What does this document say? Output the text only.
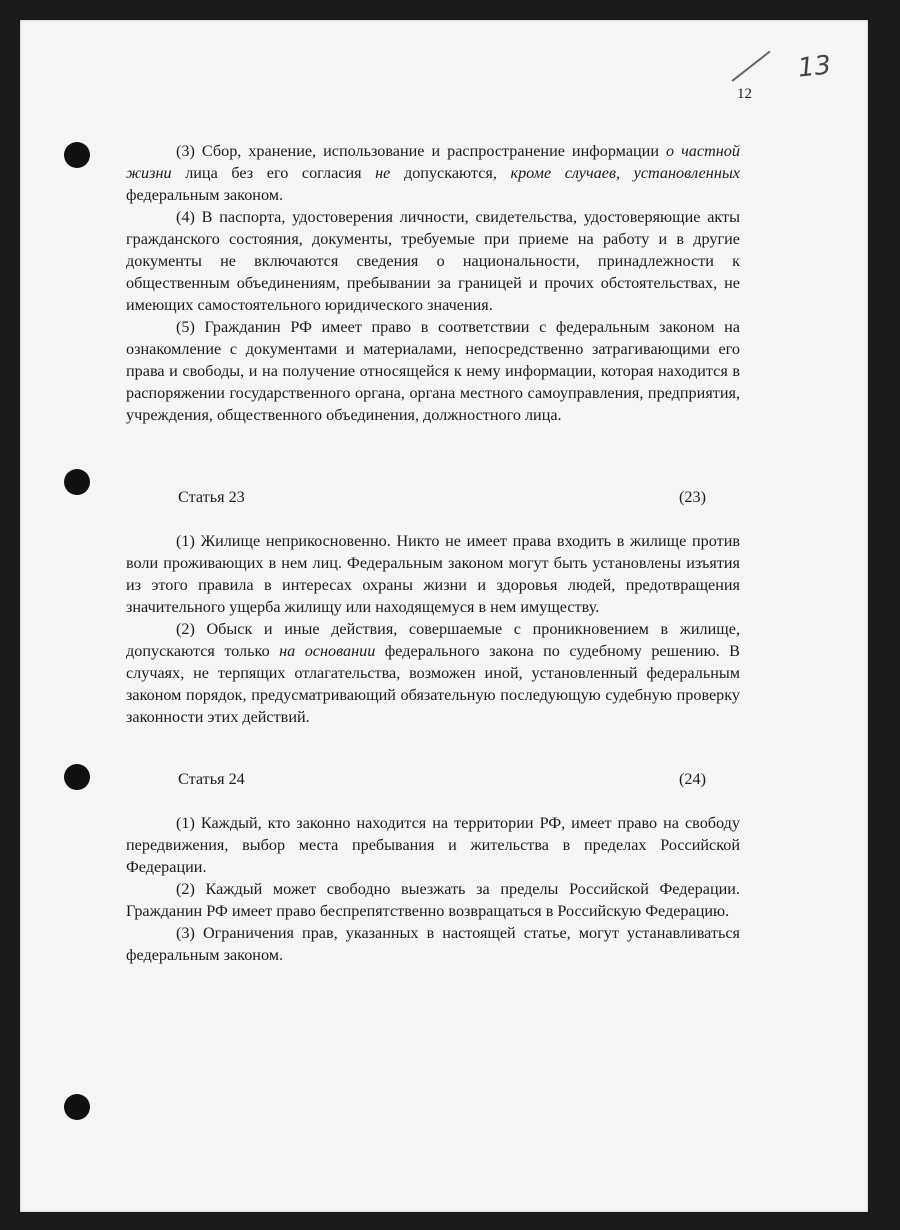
12
13

(3) Сбор, хранение, использование и распространение информации о частной жизни лица без его согласия не допускаются, кроме случаев, установленных федеральным законом.

(4) В паспорта, удостоверения личности, свидетельства, удостоверяющие акты гражданского состояния, документы, требуемые при приеме на работу и в другие документы не включаются сведения о национальности, принадлежности к общественным объединениям, пребывании за границей и прочих обстоятельствах, не имеющих самостоятельного юридического значения.

(5) Гражданин РФ имеет право в соответствии с федеральным законом на ознакомление с документами и материалами, непосредственно затрагивающими его права и свободы, и на получение относящейся к нему информации, которая находится в распоряжении государственного органа, органа местного самоуправления, предприятия, учреждения, общественного объединения, должностного лица.

Статья 23	(23)

(1) Жилище неприкосновенно. Никто не имеет права входить в жилище против воли проживающих в нем лиц. Федеральным законом могут быть установлены изъятия из этого правила в интересах охраны жизни и здоровья людей, предотвращения значительного ущерба жилищу или находящемуся в нем имуществу.

(2) Обыск и иные действия, совершаемые с проникновением в жилище, допускаются только на основании федерального закона по судебному решению. В случаях, не терпящих отлагательства, возможен иной, установленный федеральным законом порядок, предусматривающий обязательную последующую судебную проверку законности этих действий.

Статья 24	(24)

(1) Каждый, кто законно находится на территории РФ, имеет право на свободу передвижения, выбор места пребывания и жительства в пределах Российской Федерации.

(2) Каждый может свободно выезжать за пределы Российской Федерации. Гражданин РФ имеет право беспрепятственно возвращаться в Российскую Федерацию.

(3) Ограничения прав, указанных в настоящей статье, могут устанавливаться федеральным законом.
